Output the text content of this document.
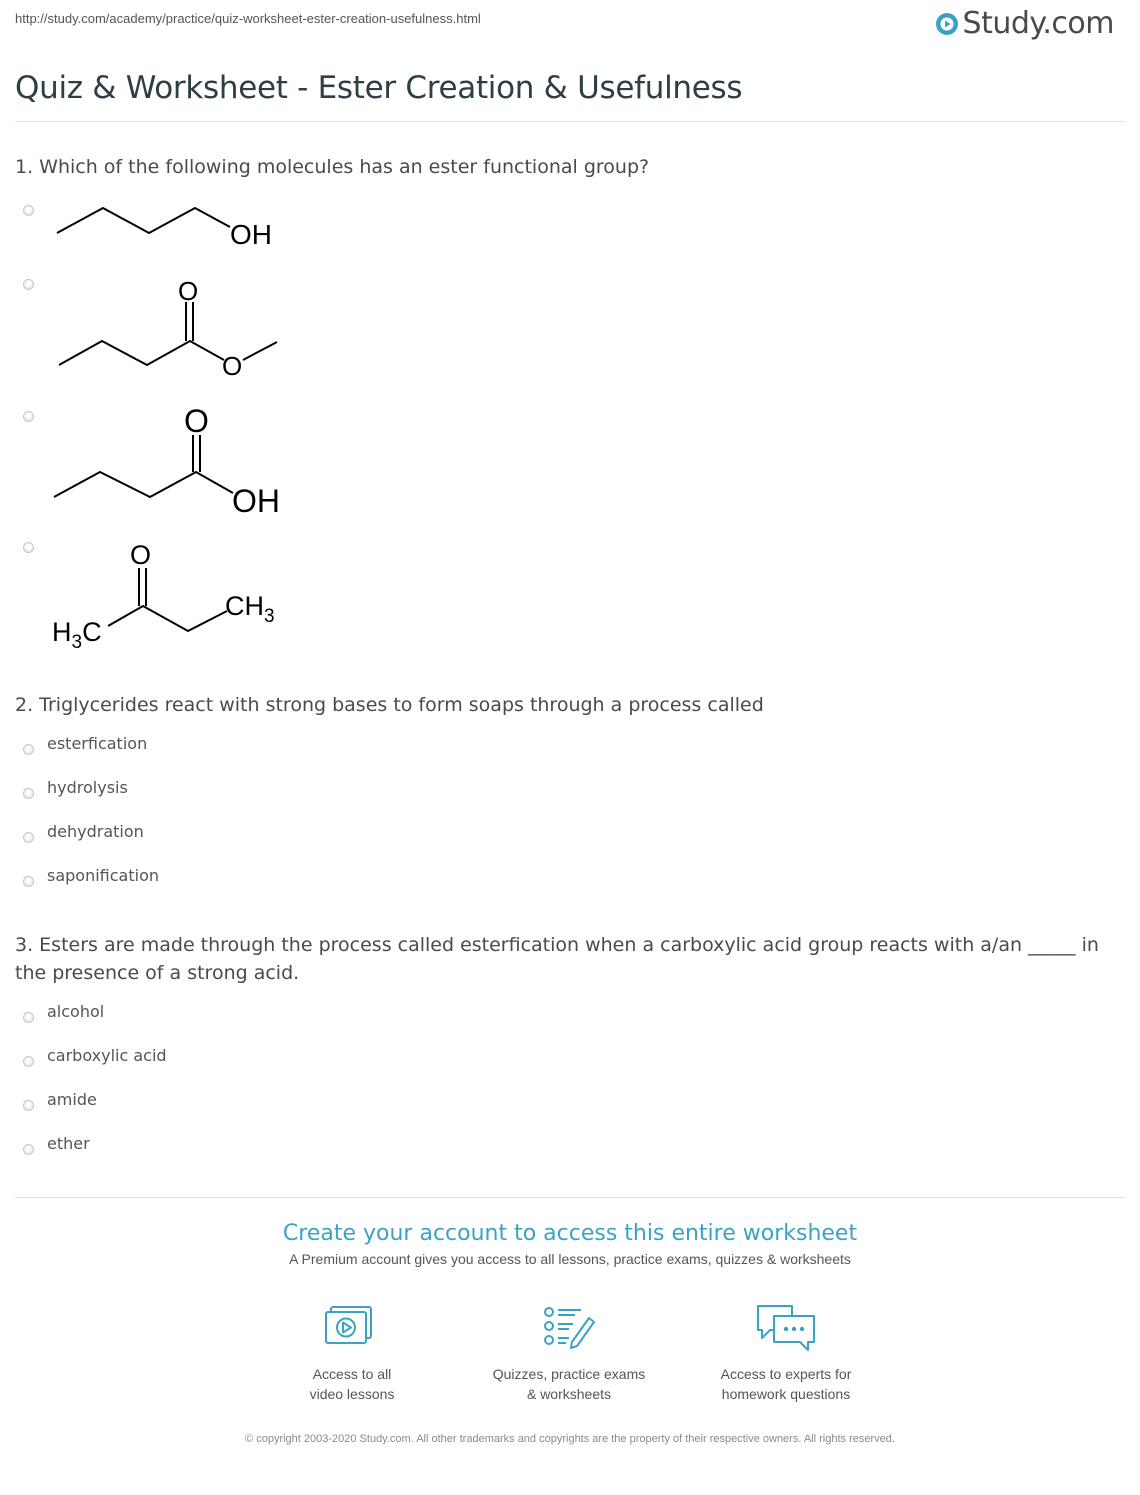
http://study.com/academy/practice/quiz-worksheet-ester-creation-usefulness.html	Study.com
Quiz & Worksheet - Ester Creation & Usefulness
1. Which of the following molecules has an ester functional group?
OH
O
O
O
OH
O
$CH_3$
$H_3C$
2. Triglycerides react with strong bases to form soaps through a process called
esterfication
hydrolysis
dehydration
saponification
3. Esters are made through the process called esterfication when a carboxylic acid group reacts with a/an _____ in the presence of a strong acid.
alcohol
carboxylic acid
amide
ether
Create your account to access this entire worksheet
A Premium account gives you access to all lessons, practice exams, quizzes & worksheets
Access to all
video lessons
Quizzes, practice exams
& worksheets
Access to experts for
homework questions
© copyright 2003-2020 Study.com. All other trademarks and copyrights are the property of their respective owners. All rights reserved.
